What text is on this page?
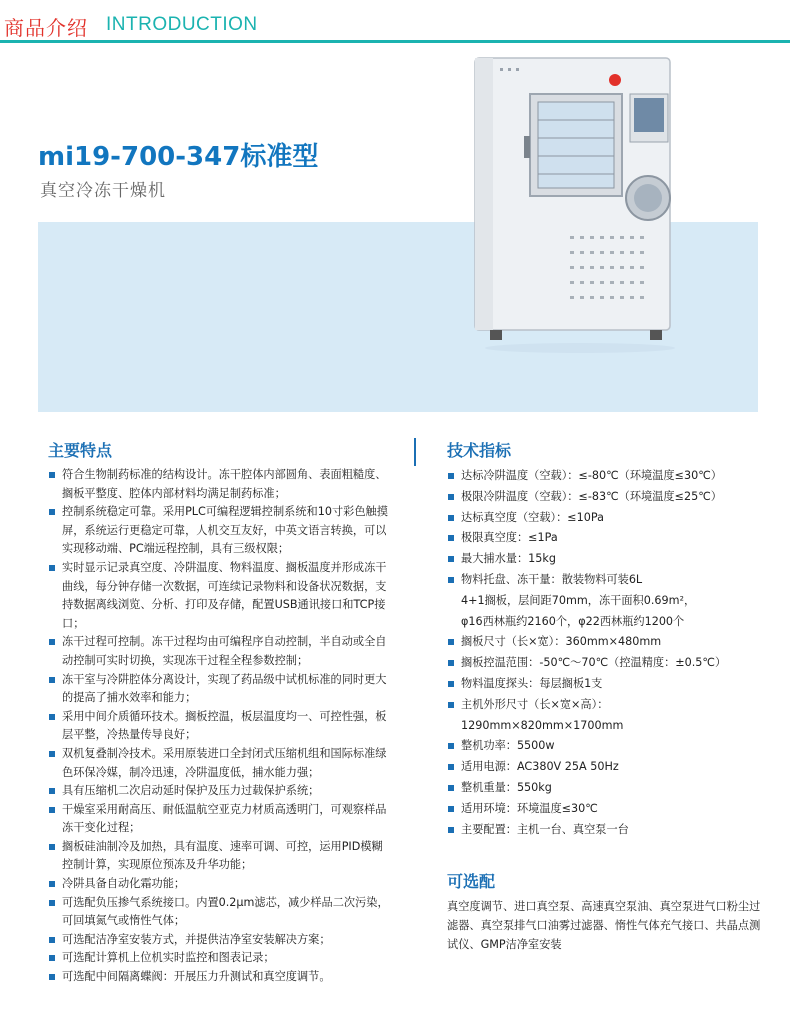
商品介绍 INTRODUCTION
mi19-700-347标准型
真空冷冻干燥机
主要特点
符合生物制药标准的结构设计。冻干腔体内部圆角、表面粗糙度、搁板平整度、腔体内部材料均满足制药标准；
控制系统稳定可靠。采用PLC可编程逻辑控制系统和10寸彩色触摸屏，系统运行更稳定可靠，人机交互友好，中英文语言转换，可以实现移动端、PC端远程控制，具有三级权限；
实时显示记录真空度、冷阱温度、物料温度、搁板温度并形成冻干曲线，每分钟存储一次数据，可连续记录物料和设备状况数据，支持数据离线浏览、分析、打印及存储，配置USB通讯接口和TCP接口；
冻干过程可控制。冻干过程均由可编程序自动控制，半自动或全自动控制可实时切换，实现冻干过程全程参数控制；
冻干室与冷阱腔体分离设计，实现了药品级中试机标准的同时更大的提高了捕水效率和能力；
采用中间介质循环技术。搁板控温，板层温度均一、可控性强，板层平整，冷热量传导良好；
双机复叠制冷技术。采用原装进口全封闭式压缩机组和国际标准绿色环保冷媒，制冷迅速，冷阱温度低，捕水能力强；
具有压缩机二次启动延时保护及压力过载保护系统；
干燥室采用耐高压、耐低温航空亚克力材质高透明门，可观察样品冻干变化过程；
搁板硅油制冷及加热，具有温度、速率可调、可控，运用PID模糊控制计算，实现原位预冻及升华功能；
冷阱具备自动化霜功能；
可选配负压掺气系统接口。内置0.2μm滤芯，减少样品二次污染，可回填氮气或惰性气体；
可选配洁净室安装方式，并提供洁净室安装解决方案；
可选配计算机上位机实时监控和图表记录；
可选配中间隔离蝶阀：开展压力升测试和真空度调节。
技术指标
达标冷阱温度（空载）：≤-80℃（环境温度≤30℃）
极限冷阱温度（空载）：≤-83℃（环境温度≤25℃）
达标真空度（空载）：≤10Pa
极限真空度：≤1Pa
最大捕水量：15kg
物料托盘、冻干量：散装物料可装6L
4+1搁板，层间距70mm，冻干面积0.69m²，
φ16西林瓶约2160个，φ22西林瓶约1200个
搁板尺寸（长×宽）：360mm×480mm
搁板控温范围：-50℃～70℃（控温精度：±0.5℃）
物料温度探头：每层搁板1支
主机外形尺寸（长×宽×高）：
1290mm×820mm×1700mm
整机功率：5500w
适用电源：AC380V 25A 50Hz
整机重量：550kg
适用环境：环境温度≤30℃
主要配置：主机一台、真空泵一台
可选配
真空度调节、进口真空泵、高速真空泵油、真空泵进气口粉尘过滤器、真空泵排气口油雾过滤器、惰性气体充气接口、共晶点测试仪、GMP洁净室安装
